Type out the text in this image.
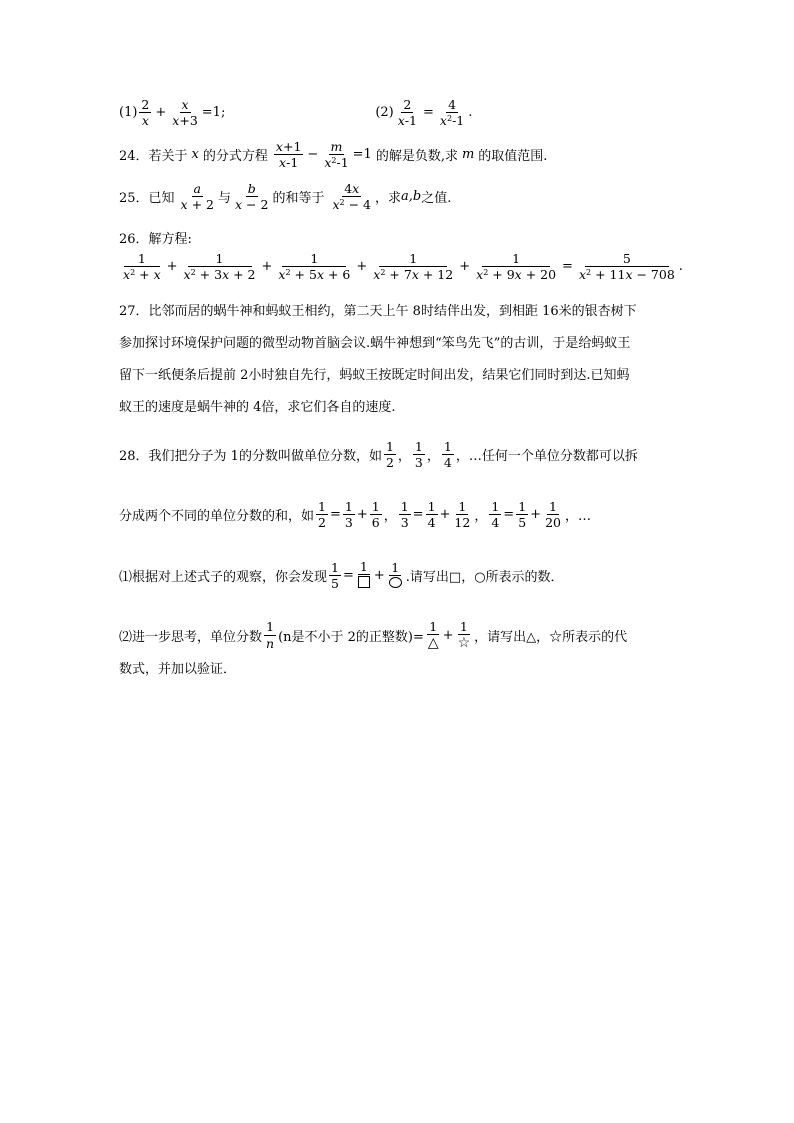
$(1) \frac{2}{x} + \frac{x}{x+3} =1$;	$(2) \frac{2}{x-1} = \frac{4}{x^2-1}$ .
24．若关于 x 的分式方程 $\frac{x+1}{x-1} - \frac{m}{x^2-1} =1$ 的解是负数,求 m 的取值范围.
25．已知 $\frac{a}{x + 2}$ 与 $\frac{b}{x - 2}$ 的和等于 $\frac{4x}{x^2 - 4}$ ，求 a,b 之值.
26．解方程:
$\frac{1}{x^2 + x} + \frac{1}{x^2 + 3x + 2} + \frac{1}{x^2 + 5x + 6} + \frac{1}{x^2 + 7x + 12} + \frac{1}{x^2 + 9x + 20} = \frac{5}{x^2 + 11x - 708}$ .
27．比邻而居的蜗牛神和蚂蚁王相约，第二天上午 8时结伴出发，到相距 16米的银杏树下
参加探讨环境保护问题的微型动物首脑会议.蜗牛神想到“笨鸟先飞”的古训，于是给蚂蚁王
留下一纸便条后提前 2小时独自先行，蚂蚁王按既定时间出发，结果它们同时到达.已知蚂
蚁王的速度是蜗牛神的 4倍，求它们各自的速度.
28．我们把分子为 1的分数叫做单位分数，如 $\frac{1}{2}$ ， $\frac{1}{3}$ ， $\frac{1}{4}$ ，…任何一个单位分数都可以拆
分成两个不同的单位分数的和，如 $\frac{1}{2} = \frac{1}{3} + \frac{1}{6}$ ， $\frac{1}{3} = \frac{1}{4} + \frac{1}{12}$ ， $\frac{1}{4} = \frac{1}{5} + \frac{1}{20}$ ，…
⑴根据对上述式子的观察，你会发现 $\frac{1}{5}$ =
1
+
1
.请写出□，○所表示的数．
⑵进一步思考，单位分数 $\frac{1}{n} (n$是不小于 2的正整数)= $\frac{1}{\triangle} + \frac{1}{☆}$ ，请写出△，☆所表示的代
数式，并加以验证．
